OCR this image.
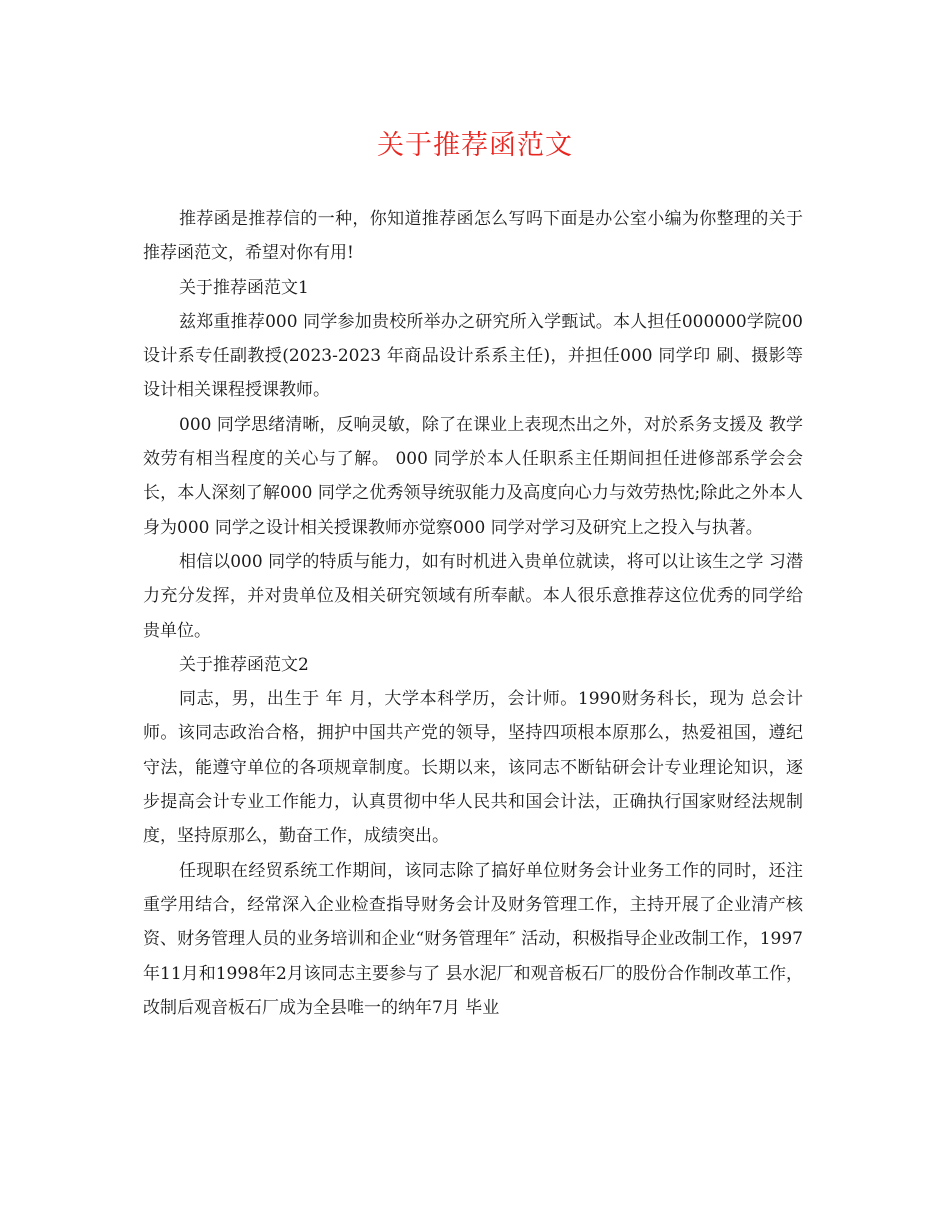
关于推荐函范文

推荐函是推荐信的一种，你知道推荐函怎么写吗下面是办公室小编为你整理的关于推荐函范文，希望对你有用!

关于推荐函范文1

兹郑重推荐000 同学参加贵校所举办之研究所入学甄试。本人担任000000学院00 设计系专任副教授(2023-2023 年商品设计系系主任)，并担任000 同学印 刷、摄影等设计相关课程授课教师。

000 同学思绪清晰，反响灵敏，除了在课业上表现杰出之外，对於系务支援及 教学效劳有相当程度的关心与了解。 000 同学於本人任职系主任期间担任进修部系学会会长，本人深刻了解000 同学之优秀领导统驭能力及高度向心力与效劳热忱;除此之外本人身为000 同学之设计相关授课教师亦觉察000 同学对学习及研究上之投入与执著。

相信以000 同学的特质与能力，如有时机进入贵单位就读，将可以让该生之学 习潜力充分发挥，并对贵单位及相关研究领域有所奉献。本人很乐意推荐这位优秀的同学给贵单位。

关于推荐函范文2

同志，男，出生于 年 月，大学本科学历，会计师。1990财务科长，现为 总会计师。该同志政治合格，拥护中国共产党的领导，坚持四项根本原那么，热爱祖国，遵纪守法，能遵守单位的各项规章制度。长期以来，该同志不断钻研会计专业理论知识，逐步提高会计专业工作能力，认真贯彻中华人民共和国会计法，正确执行国家财经法规制度，坚持原那么，勤奋工作，成绩突出。

任现职在经贸系统工作期间，该同志除了搞好单位财务会计业务工作的同时，还注重学用结合，经常深入企业检查指导财务会计及财务管理工作，主持开展了企业清产核资、财务管理人员的业务培训和企业“财务管理年″ 活动，积极指导企业改制工作，1997年11月和1998年2月该同志主要参与了 县水泥厂和观音板石厂的股份合作制改革工作，改制后观音板石厂成为全县唯一的纳年7月 毕业
